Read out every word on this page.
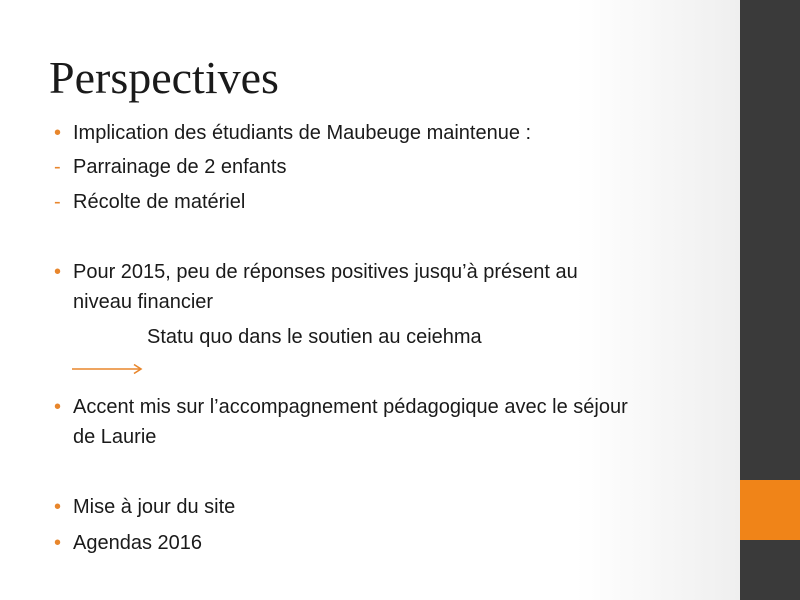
Perspectives
• Implication des étudiants de Maubeuge maintenue :
- Parrainage de 2 enfants
- Récolte de matériel
• Pour 2015, peu de réponses positives jusqu’à présent au
niveau financier
Statu quo dans le soutien au ceiehma
• Accent mis sur l’accompagnement pédagogique avec le séjour
de Laurie
• Mise à jour du site
• Agendas 2016
